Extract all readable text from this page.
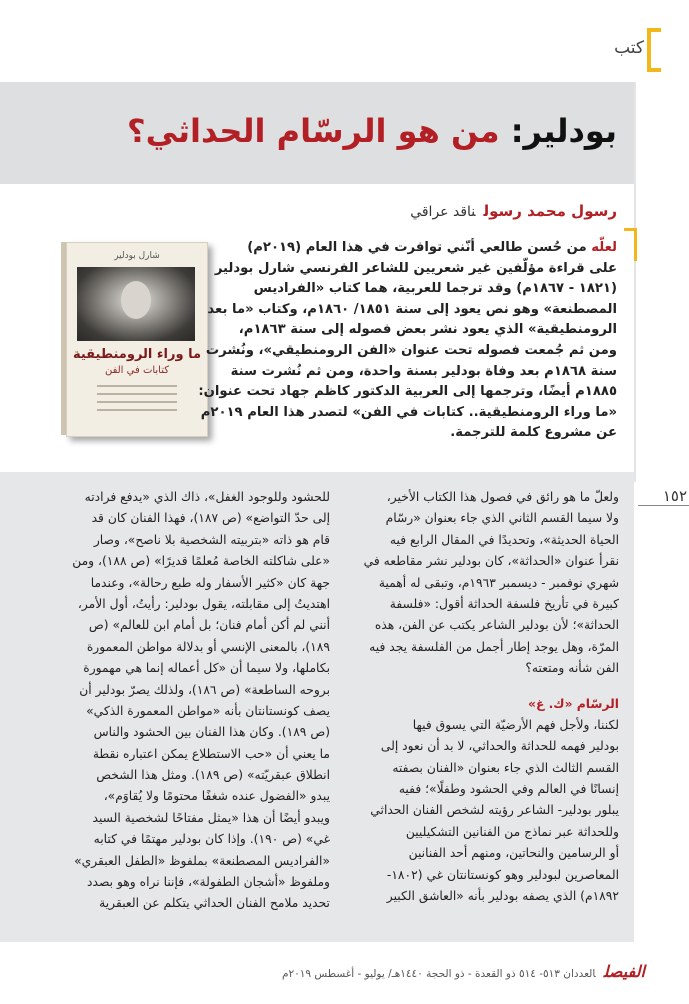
كتب
بودلير: من هو الرسّام الحداثي؟
١٥٢
رسول محمد رسولناقد عراقي
شارل بودلير
ما وراء الرومنطيقية
كتابات في الفن
لعلّه من حُسن طالعي أنّني توافرت في هذا العام (٢٠١٩م)
على قراءة مؤلّفين غير شعريين للشاعر الفرنسي شارل بودلير
(١٨٢١ - ١٨٦٧م) وقد ترجما للعربية، هما كتاب «الفراديس
المصطنعة» وهو نص يعود إلى سنة ١٨٥١/ ١٨٦٠م، وكتاب «ما بعد
الرومنطيقية» الذي يعود نشر بعض فصوله إلى سنة ١٨٦٣م،
ومن ثم جُمعت فصوله تحت عنوان «الفن الرومنطيقي»، ونُشرت
سنة ١٨٦٨م بعد وفاة بودلير بسنة واحدة، ومن ثم نُشرت سنة
١٨٨٥م أيضًا، وترجمها إلى العربية الدكتور كاظم جهاد تحت عنوان:
«ما وراء الرومنطيقية.. كتابات في الفن» لتصدر هذا العام ٢٠١٩م
عن مشروع كلمة للترجمة.
ولعلّ ما هو رائق في فصول هذا الكتاب الأخير،
ولا سيما القسم الثاني الذي جاء بعنوان «رسّام
الحياة الحديثة»، وتحديدًا في المقال الرابع فيه
نقرأ عنوان «الحداثة»، كان بودلير نشر مقاطعه في
شهري نوفمبر - ديسمبر ١٩٦٣م، وتبقى له أهمية
كبيرة في تأريخ فلسفة الحداثة أقول: «فلسفة
الحداثة»؛ لأن بودلير الشاعر يكتب عن الفن، هذه
المرّة، وهل يوجد إطار أجمل من الفلسفة يجد فيه
الفن شأنه ومتعته؟
الرسّام «ك. غ»
لكننا، ولأجل فهم الأرضيّة التي يسوق فيها
بودلير فهمه للحداثة والحداثي، لا بد أن نعود إلى
القسم الثالث الذي جاء بعنوان «الفنان بصفته
إنسانًا في العالم وفي الحشود وطفلًا»؛ ففيه
يبلور بودلير- الشاعر رؤيته لشخص الفنان الحداثي
وللحداثة عبر نماذج من الفنانين التشكيليين
أو الرسامين والنحاتين، ومنهم أحد الفنانين
المعاصرين لبودلير وهو كونستانتان غي (١٨٠٢-
١٨٩٢م) الذي يصفه بودلير بأنه «العاشق الكبير
للحشود وللوجود الغفل»، ذاك الذي «يدفع فرادته
إلى حدّ التواضع» (ص ١٨٧)، فهذا الفنان كان قد
قام هو ذاته «بتربيته الشخصية بلا ناصح»، وصار
«على شاكلته الخاصة مُعلمًا قديرًا» (ص ١٨٨)، ومن
جهة كان «كثير الأسفار وله طبع رحالة»، وعندما
اهتديتُ إلى مقابلته، يقول بودلير: رأيتُ، أول الأمر،
أنني لم أكن أمام فنان؛ بل أمام ابن للعالم» (ص
١٨٩)، بالمعنى الإنسي أو بدلالة مواطن المعمورة
بكاملها، ولا سيما أن «كل أعماله إنما هي مهمورة
بروحه الساطعة» (ص ١٨٦)، ولذلك يصرّ بودلير أن
يصف كونستانتان بأنه «مواطن المعمورة الذكي»
(ص ١٨٩). وكان هذا الفنان بين الحشود والناس
ما يعني أن «حب الاستطلاع يمكن اعتباره نقطة
انطلاق عبقريّته» (ص ١٨٩). ومثل هذا الشخص
يبدو «الفضول عنده شغفًا محتومًا ولا يُقاوَم»،
ويبدو أيضًا أن هذا «يمثل مفتاحًا لشخصية السيد
غي» (ص ١٩٠). وإذا كان بودلير مهتمًا في كتابه
«الفراديس المصطنعة» بملفوظ «الطفل العبقري»
وملفوظ «أشجان الطفولة»، فإننا نراه وهو بصدد
تحديد ملامح الفنان الحداثي يتكلم عن العبقرية
الفيصلالعددان ٥١٣- ٥١٤ ذو القعدة - ذو الحجة ١٤٤٠هـ/ يوليو - أغسطس ٢٠١٩م
